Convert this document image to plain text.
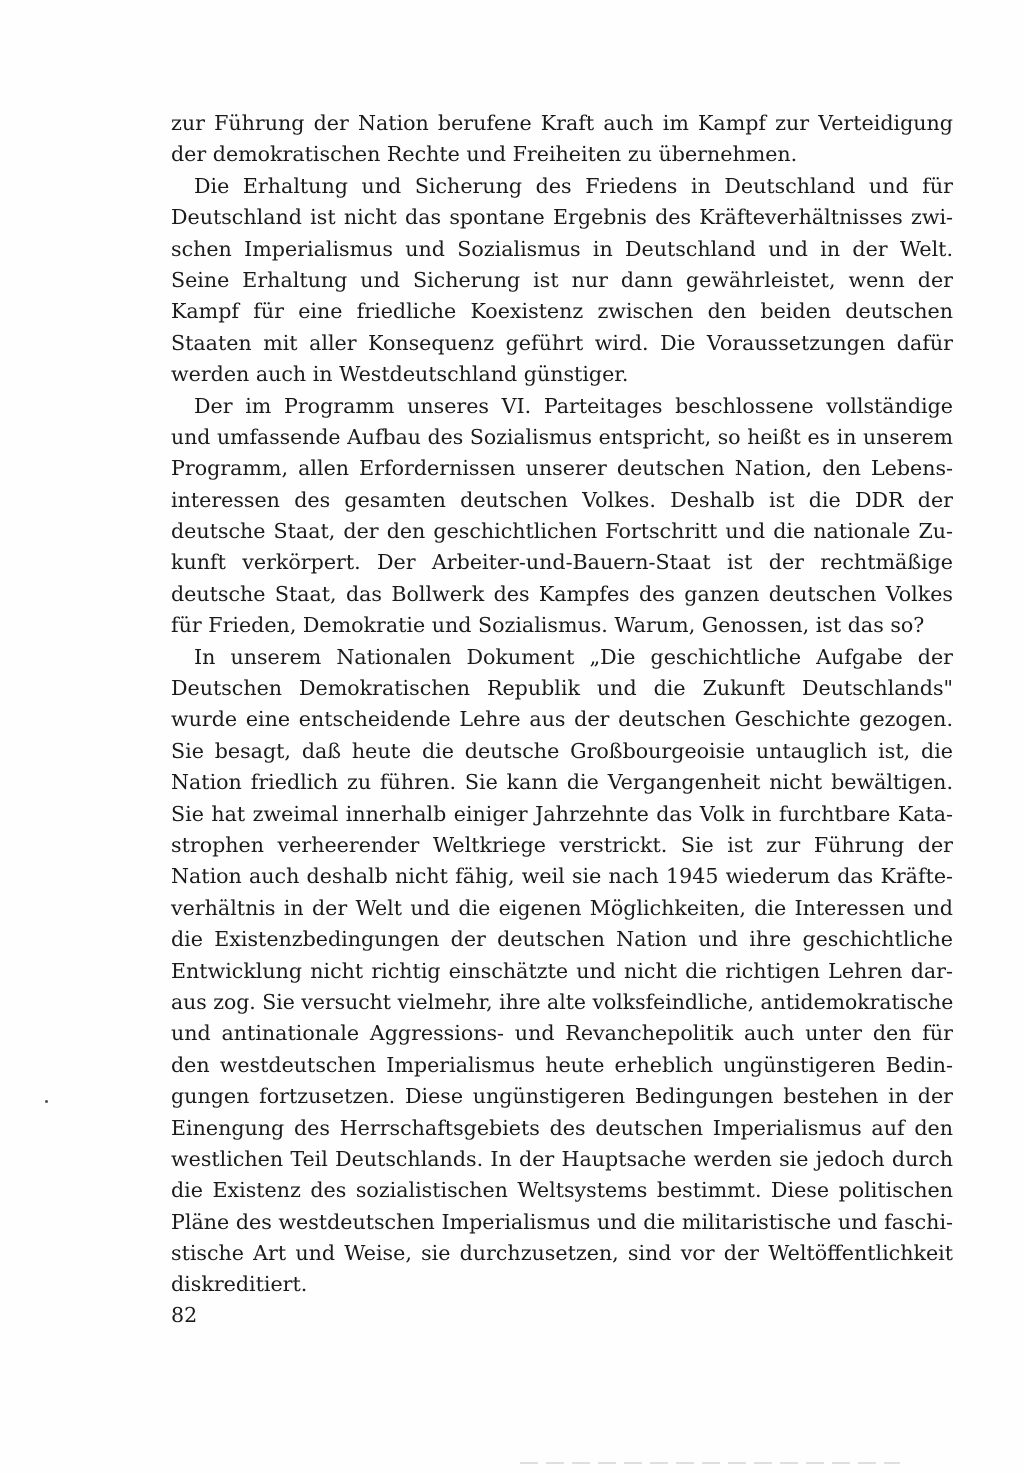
zur Führung der Nation berufene Kraft auch im Kampf zur Verteidigung
der demokratischen Rechte und Freiheiten zu übernehmen.
Die Erhaltung und Sicherung des Friedens in Deutschland und für
Deutschland ist nicht das spontane Ergebnis des Kräfteverhältnisses zwi-
schen Imperialismus und Sozialismus in Deutschland und in der Welt.
Seine Erhaltung und Sicherung ist nur dann gewährleistet, wenn der
Kampf für eine friedliche Koexistenz zwischen den beiden deutschen
Staaten mit aller Konsequenz geführt wird. Die Voraussetzungen dafür
werden auch in Westdeutschland günstiger.
Der im Programm unseres VI. Parteitages beschlossene vollständige
und umfassende Aufbau des Sozialismus entspricht, so heißt es in unserem
Programm, allen Erfordernissen unserer deutschen Nation, den Lebens-
interessen des gesamten deutschen Volkes. Deshalb ist die DDR der
deutsche Staat, der den geschichtlichen Fortschritt und die nationale Zu-
kunft verkörpert. Der Arbeiter-und-Bauern-Staat ist der rechtmäßige
deutsche Staat, das Bollwerk des Kampfes des ganzen deutschen Volkes
für Frieden, Demokratie und Sozialismus. Warum, Genossen, ist das so?
In unserem Nationalen Dokument „Die geschichtliche Aufgabe der
Deutschen Demokratischen Republik und die Zukunft Deutschlands"
wurde eine entscheidende Lehre aus der deutschen Geschichte gezogen.
Sie besagt, daß heute die deutsche Großbourgeoisie untauglich ist, die
Nation friedlich zu führen. Sie kann die Vergangenheit nicht bewältigen.
Sie hat zweimal innerhalb einiger Jahrzehnte das Volk in furchtbare Kata-
strophen verheerender Weltkriege verstrickt. Sie ist zur Führung der
Nation auch deshalb nicht fähig, weil sie nach 1945 wiederum das Kräfte-
verhältnis in der Welt und die eigenen Möglichkeiten, die Interessen und
die Existenzbedingungen der deutschen Nation und ihre geschichtliche
Entwicklung nicht richtig einschätzte und nicht die richtigen Lehren dar-
aus zog. Sie versucht vielmehr, ihre alte volksfeindliche, antidemokratische
und antinationale Aggressions- und Revanchepolitik auch unter den für
den westdeutschen Imperialismus heute erheblich ungünstigeren Bedin-
gungen fortzusetzen. Diese ungünstigeren Bedingungen bestehen in der
Einengung des Herrschaftsgebiets des deutschen Imperialismus auf den
westlichen Teil Deutschlands. In der Hauptsache werden sie jedoch durch
die Existenz des sozialistischen Weltsystems bestimmt. Diese politischen
Pläne des westdeutschen Imperialismus und die militaristische und faschi-
stische Art und Weise, sie durchzusetzen, sind vor der Weltöffentlichkeit
diskreditiert.
82
